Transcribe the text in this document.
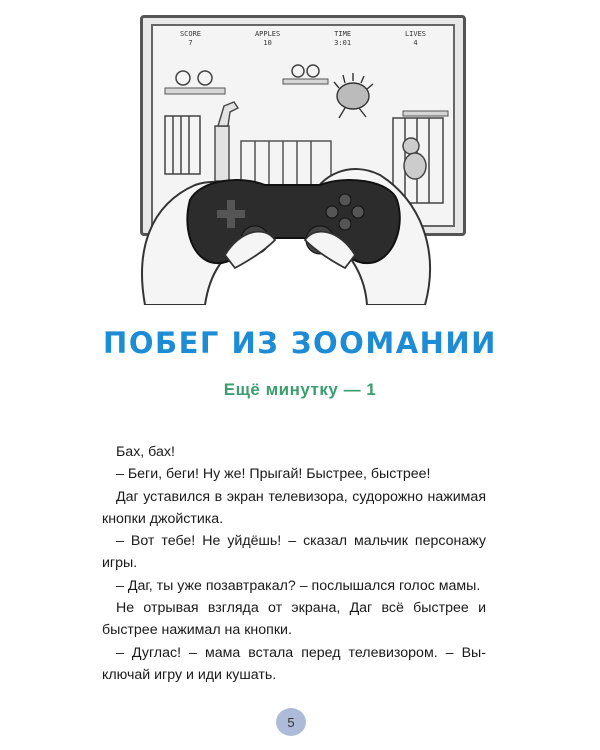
SCORE
7
APPLES
10
TIME
3:01
LIVES
4
ПОБЕГ ИЗ ЗООМАНИИ
Ещё минутку — 1

Бах, бах!

– Беги, беги! Ну же! Прыгай! Быстрее, быстрее!

Даг уставился в экран телевизора, судорожно нажимая кнопки джойстика.

– Вот тебе! Не уйдёшь! – сказал мальчик персонажу игры.

– Даг, ты уже позавтракал? – послышался голос мамы.

Не отрывая взгляда от экрана, Даг всё быстрее и быстрее нажимал на кнопки.

– Дуглас! – мама встала перед телевизором. – Выключай игру и иди кушать.

5
